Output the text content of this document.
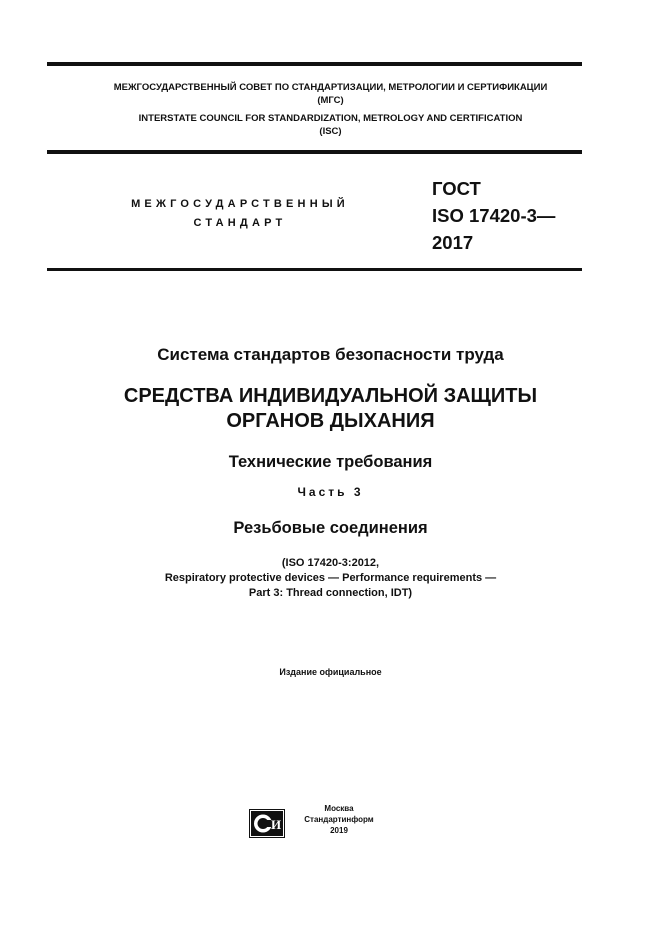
МЕЖГОСУДАРСТВЕННЫЙ СОВЕТ ПО СТАНДАРТИЗАЦИИ, МЕТРОЛОГИИ И СЕРТИФИКАЦИИ
(МГС)
INTERSTATE COUNCIL FOR STANDARDIZATION, METROLOGY AND CERTIFICATION
(ISC)
МЕЖГОСУДАРСТВЕННЫЙ
СТАНДАРТ
ГОСТ
ISO 17420-3—
2017
Система стандартов безопасности труда
СРЕДСТВА ИНДИВИДУАЛЬНОЙ ЗАЩИТЫ
ОРГАНОВ ДЫХАНИЯ
Технические требования
Часть 3
Резьбовые соединения
(ISO 17420-3:2012,
Respiratory protective devices — Performance requirements —
Part 3: Thread connection, IDT)
Издание официальное
И
Москва
Стандартинформ
2019
